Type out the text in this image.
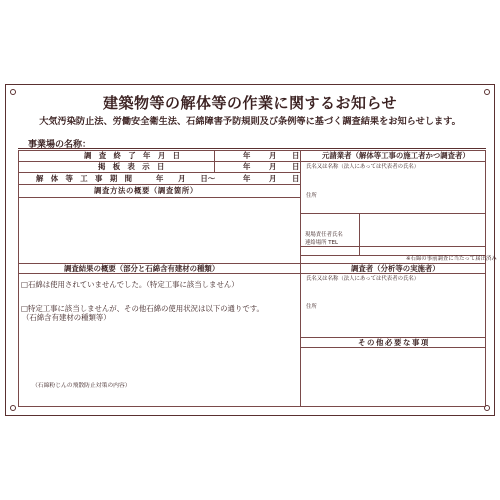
建築物等の解体等の作業に関するお知らせ
大気汚染防止法、労働安全衛生法、石綿障害予防規則及び条例等に基づく調査結果をお知らせします。
事業場の名称：
調 査 終 了 年 月 日	年	月 日
掲 板 表 示 日	年	月 日
解 体 等 工 事 期 間	年　　月　　日～	年	月 日
調査方法の概要（調査箇所）
調査結果の概要（部分と石綿含有建材の種類）
□石綿は使用されていませんでした。（特定工事に該当しません）
□特定工事に該当しませんが、その他石綿の使用状況は以下の通りです。
（石綿含有建材の種類等）
（石綿粉じんの飛散防止対策の内容）
元請業者（解体等工事の施工者かつ調査者）
氏名又は名称（法人にあっては代表者の氏名）
住所
現場責任者氏名
連絡場所 TEL
※石綿の事前調査に当たって届出済み
調査者（分析等の実施者）
氏名又は名称（法人にあっては代表者の氏名）
住所
その他必要な事項
